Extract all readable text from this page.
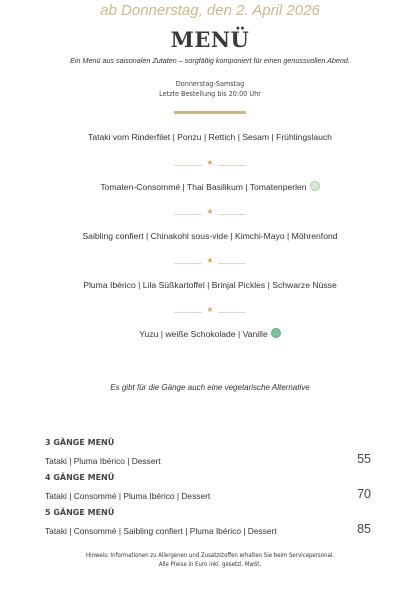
ab Donnerstag, den 2. April 2026
MENÜ
Ein Menü aus saisonalen Zutaten – sorgfältig komponiert für einen genussvollen Abend.
Donnerstag-Samstag
Letzte Bestellung bis 20:00 Uhr
Tataki vom Rinderfilet | Ponzu | Rettich | Sesam | Frühlingslauch
★
Tomaten-Consommé | Thai Basilikum | Tomatenperlen
★
Saibling confiert | Chinakohl sous-vide | Kimchi-Mayo | Möhrenfond
★
Pluma Ibérico | Lila Süßkartoffel | Brinjal Pickles | Schwarze Nüsse
★
Yuzu | weiße Schokolade | Vanille
Es gibt für die Gänge auch eine vegetarische Alternative
3 GÄNGE MENÜ
Tataki | Pluma Ibérico | Dessert	55
4 GÄNGE MENÜ
Tataki | Consommé | Pluma Ibérico | Dessert	70
5 GÄNGE MENÜ
Tataki | Consommé | Saibling confiert | Pluma Ibérico | Dessert	85
Hinweis: Informationen zu Allergenen und Zusatzstoffen erhalten Sie beim Servicepersonal.
Alle Preise in Euro inkl. gesetzl. MwSt.
